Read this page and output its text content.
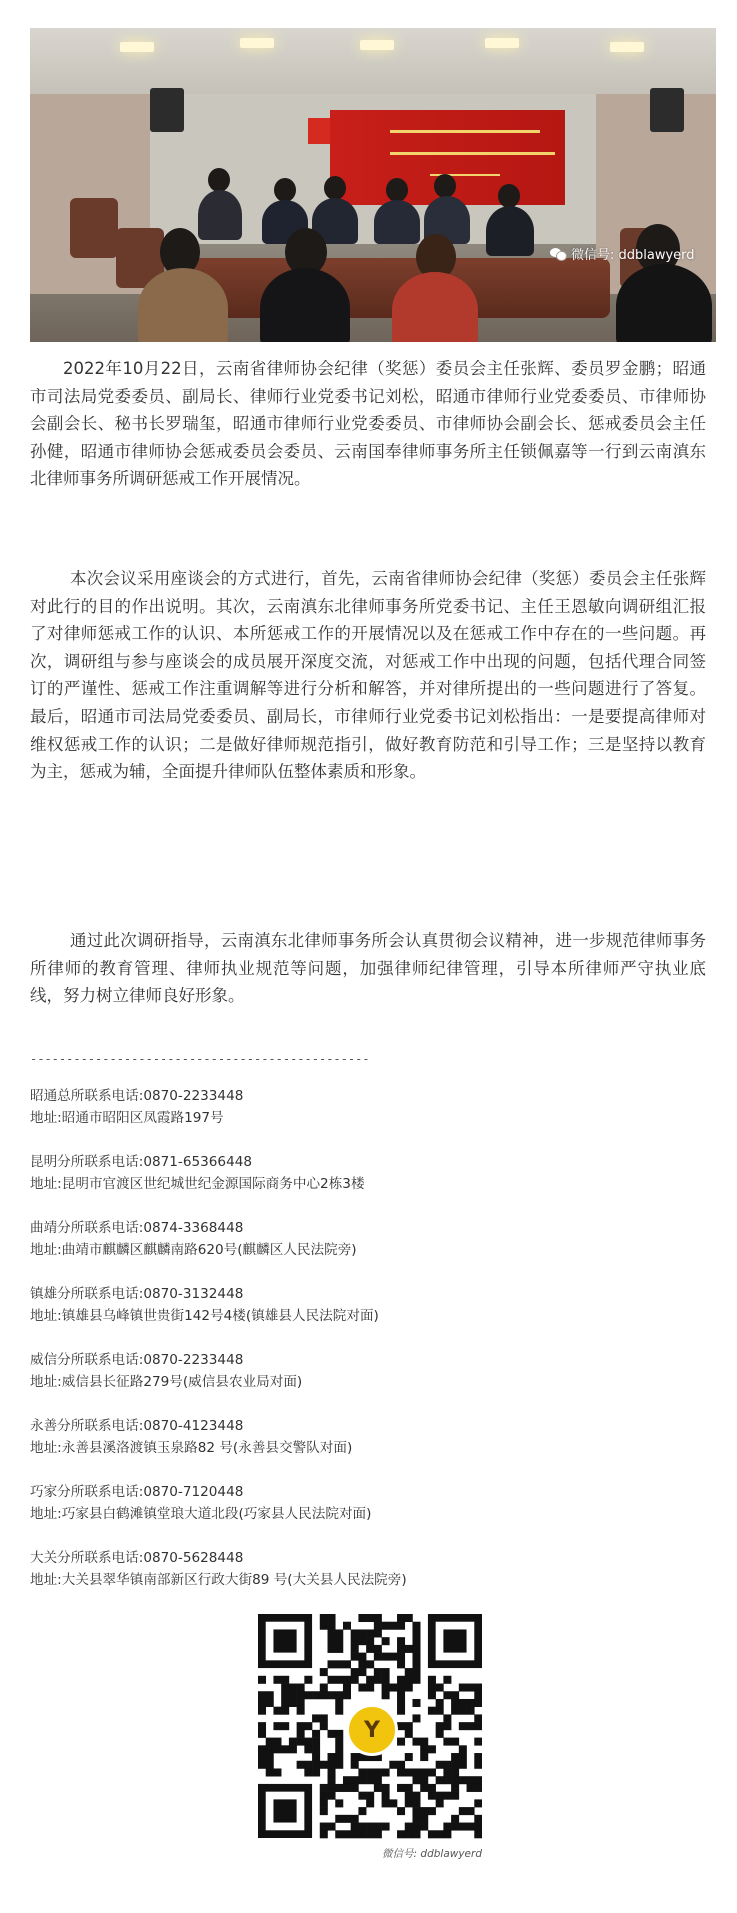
微信号: ddblawyerd

2022年10月22日，云南省律师协会纪律（奖惩）委员会主任张辉、委员罗金鹏；昭通市司法局党委委员、副局长、律师行业党委书记刘松，昭通市律师行业党委委员、市律师协会副会长、秘书长罗瑞玺，昭通市律师行业党委委员、市律师协会副会长、惩戒委员会主任孙健，昭通市律师协会惩戒委员会委员、云南国奉律师事务所主任锁佩嘉等一行到云南滇东北律师事务所调研惩戒工作开展情况。

本次会议采用座谈会的方式进行，首先，云南省律师协会纪律（奖惩）委员会主任张辉对此行的目的作出说明。其次，云南滇东北律师事务所党委书记、主任王恩敏向调研组汇报了对律师惩戒工作的认识、本所惩戒工作的开展情况以及在惩戒工作中存在的一些问题。再次，调研组与参与座谈会的成员展开深度交流，对惩戒工作中出现的问题，包括代理合同签订的严谨性、惩戒工作注重调解等进行分析和解答，并对律所提出的一些问题进行了答复。最后，昭通市司法局党委委员、副局长，市律师行业党委书记刘松指出：一是要提高律师对维权惩戒工作的认识；二是做好律师规范指引，做好教育防范和引导工作；三是坚持以教育为主，惩戒为辅，全面提升律师队伍整体素质和形象。

通过此次调研指导，云南滇东北律师事务所会认真贯彻会议精神，进一步规范律师事务所律师的教育管理、律师执业规范等问题，加强律师纪律管理，引导本所律师严守执业底线，努力树立律师良好形象。

-----------------------------------------------
昭通总所联系电话:0870-2233448
地址:昭通市昭阳区凤霞路197号
昆明分所联系电话:0871-65366448
地址:昆明市官渡区世纪城世纪金源国际商务中心2栋3楼
曲靖分所联系电话:0874-3368448
地址:曲靖市麒麟区麒麟南路620号(麒麟区人民法院旁)
镇雄分所联系电话:0870-3132448
地址:镇雄县乌峰镇世贵街142号4楼(镇雄县人民法院对面)
威信分所联系电话:0870-2233448
地址:威信县长征路279号(威信县农业局对面)
永善分所联系电话:0870-4123448
地址:永善县溪洛渡镇玉泉路82 号(永善县交警队对面)
巧家分所联系电话:0870-7120448
地址:巧家县白鹤滩镇堂琅大道北段(巧家县人民法院对面)
大关分所联系电话:0870-5628448
地址:大关县翠华镇南部新区行政大街89 号(大关县人民法院旁)
Y
微信号: ddblawyerd
